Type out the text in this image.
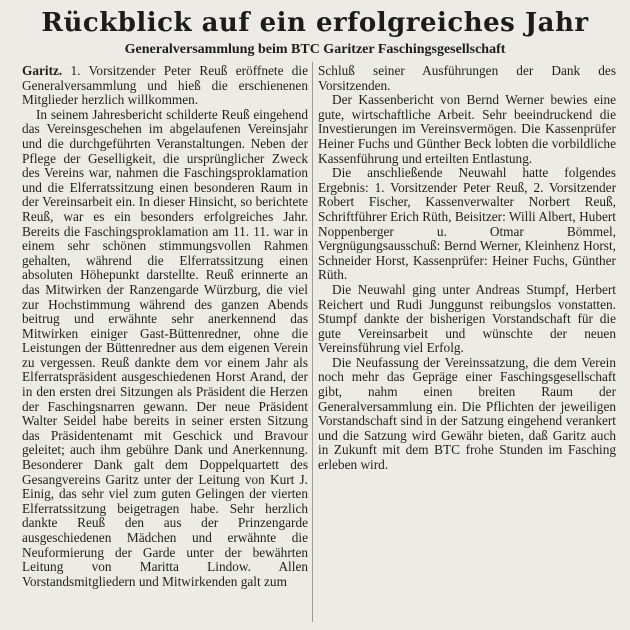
Rückblick auf ein erfolgreiches Jahr
Generalversammlung beim BTC Garitzer Faschingsgesellschaft

Garitz. 1. Vorsitzender Peter Reuß eröffnete die Generalversammlung und hieß die erschienenen Mitglieder herzlich willkommen.

In seinem Jahresbericht schilderte Reuß eingehend das Vereinsgeschehen im abgelaufenen Vereinsjahr und die durchgeführten Veranstaltungen. Neben der Pflege der Geselligkeit, die ursprünglicher Zweck des Vereins war, nahmen die Faschingsproklamation und die Elferratssitzung einen besonderen Raum in der Vereinsarbeit ein. In dieser Hinsicht, so berichtete Reuß, war es ein besonders erfolgreiches Jahr. Bereits die Faschingsproklamation am 11. 11. war in einem sehr schönen stimmungsvollen Rahmen gehalten, während die Elferratssitzung einen absoluten Höhepunkt darstellte. Reuß erinnerte an das Mitwirken der Ranzengarde Würzburg, die viel zur Hochstimmung während des ganzen Abends beitrug und erwähnte sehr anerkennend das Mitwirken einiger Gast-Büttenredner, ohne die Leistungen der Büttenredner aus dem eigenen Verein zu vergessen. Reuß dankte dem vor einem Jahr als Elferratspräsident ausgeschiedenen Horst Arand, der in den ersten drei Sitzungen als Präsident die Herzen der Faschingsnarren gewann. Der neue Präsident Walter Seidel habe bereits in seiner ersten Sitzung das Präsidentenamt mit Geschick und Bravour geleitet; auch ihm gebühre Dank und Anerkennung. Besonderer Dank galt dem Doppelquartett des Gesangvereins Garitz unter der Leitung von Kurt J. Einig, das sehr viel zum guten Gelingen der vierten Elferratssitzung beigetragen habe. Sehr herzlich dankte Reuß den aus der Prinzengarde ausgeschiedenen Mädchen und erwähnte die Neuformierung der Garde unter der bewährten Leitung von Maritta Lindow. Allen Vorstandsmitgliedern und Mitwirkenden galt zum

Schluß seiner Ausführungen der Dank des Vorsitzenden.

Der Kassenbericht von Bernd Werner bewies eine gute, wirtschaftliche Arbeit. Sehr beeindruckend die Investierungen im Vereinsvermögen. Die Kassenprüfer Heiner Fuchs und Günther Beck lobten die vorbildliche Kassenführung und erteilten Entlastung.

Die anschließende Neuwahl hatte folgendes Ergebnis: 1. Vorsitzender Peter Reuß, 2. Vorsitzender Robert Fischer, Kassenverwalter Norbert Reuß, Schriftführer Erich Rüth, Beisitzer: Willi Albert, Hubert Noppenberger u. Otmar Bömmel, Vergnügungsausschuß: Bernd Werner, Kleinhenz Horst, Schneider Horst, Kassenprüfer: Heiner Fuchs, Günther Rüth.

Die Neuwahl ging unter Andreas Stumpf, Herbert Reichert und Rudi Junggunst reibungslos vonstatten. Stumpf dankte der bisherigen Vorstandschaft für die gute Vereinsarbeit und wünschte der neuen Vereinsführung viel Erfolg.

Die Neufassung der Vereinssatzung, die dem Verein noch mehr das Gepräge einer Faschingsgesellschaft gibt, nahm einen breiten Raum der Generalversammlung ein. Die Pflichten der jeweiligen Vorstandschaft sind in der Satzung eingehend verankert und die Satzung wird Gewähr bieten, daß Garitz auch in Zukunft mit dem BTC frohe Stunden im Fasching erleben wird.
